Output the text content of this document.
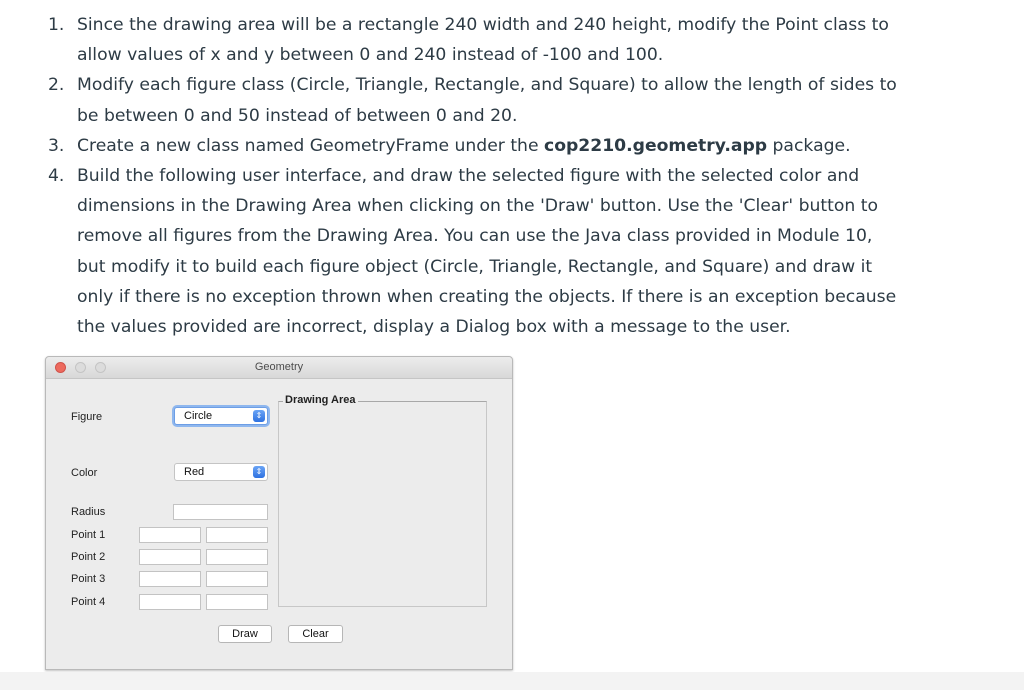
1. Since the drawing area will be a rectangle 240 width and 240 height, modify the Point class to
allow values of x and y between 0 and 240 instead of -100 and 100.
2. Modify each figure class (Circle, Triangle, Rectangle, and Square) to allow the length of sides to
be between 0 and 50 instead of between 0 and 20.
3. Create a new class named GeometryFrame under the cop2210.geometry.app package.
4. Build the following user interface, and draw the selected figure with the selected color and
dimensions in the Drawing Area when clicking on the 'Draw' button. Use the 'Clear' button to
remove all figures from the Drawing Area. You can use the Java class provided in Module 10,
but modify it to build each figure object (Circle, Triangle, Rectangle, and Square) and draw it
only if there is no exception thrown when creating the objects. If there is an exception because
the values provided are incorrect, display a Dialog box with a message to the user.
Geometry
Figure	Circle	⇕
Color	Red	⇕
Radius
Point 1
Point 2
Point 3
Point 4
Drawing Area
Draw	Clear
